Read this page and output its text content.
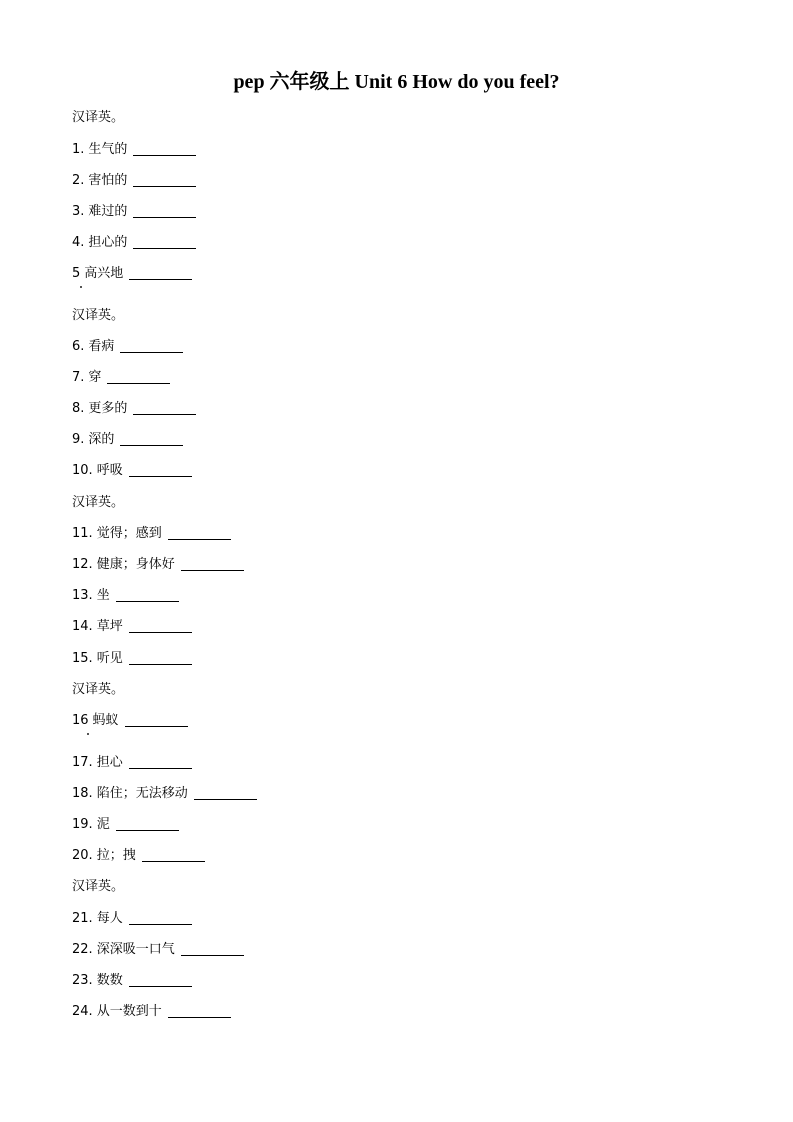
pep 六年级上 Unit 6 How do you feel?
汉译英。
1. 生气的
2. 害怕的
3. 难过的
4. 担心的
5 高兴地
汉译英。
6. 看病
7. 穿
8. 更多的
9. 深的
10. 呼吸
汉译英。
11. 觉得；感到
12. 健康；身体好
13. 坐
14. 草坪
15. 听见
汉译英。
16 蚂蚁
17. 担心
18. 陷住；无法移动
19. 泥
20. 拉；拽
汉译英。
21. 每人
22. 深深吸一口气
23. 数数
24. 从一数到十
